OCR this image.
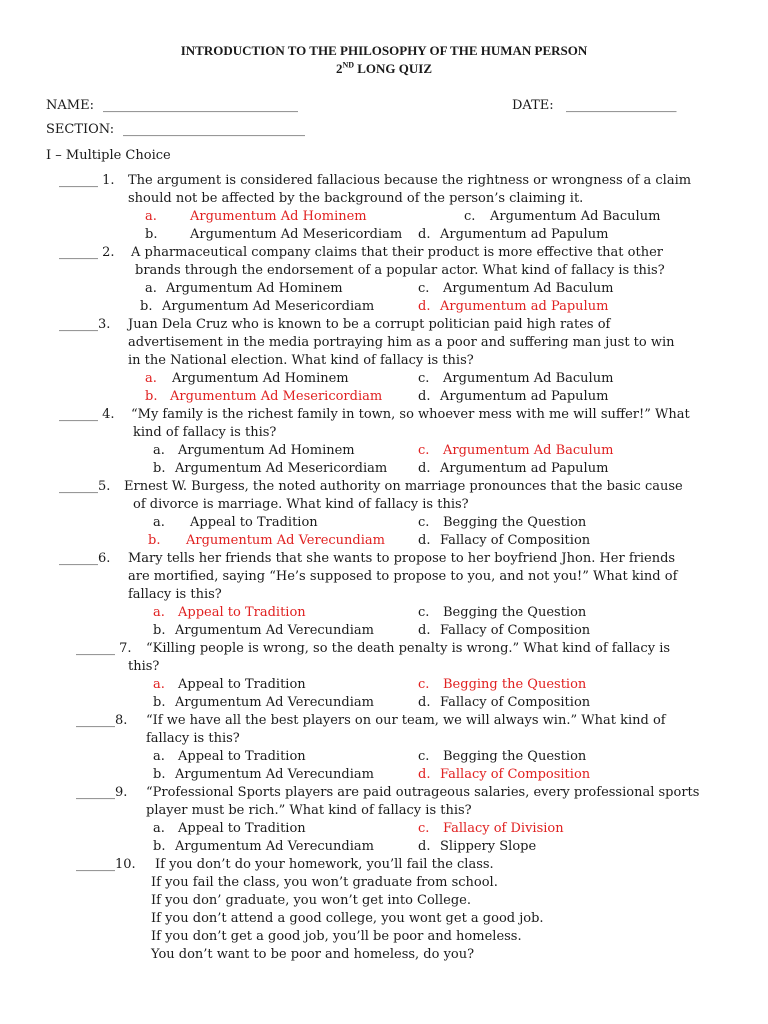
INTRODUCTION TO THE PHILOSOPHY OF THE HUMAN PERSON
2ND LONG QUIZ
NAME: ______________________________	DATE: _________________
SECTION: ____________________________
I – Multiple Choice
______ 1. The argument is considered fallacious because the rightness or wrongness of a claim
should not be affected by the background of the person’s claiming it.
a.	Argumentum Ad Hominem	c. Argumentum Ad Baculum
b.	Argumentum Ad Mesericordiam d. Argumentum ad Papulum
______ 2. A pharmaceutical company claims that their product is more effective that other
brands through the endorsement of a popular actor. What kind of fallacy is this?
a. Argumentum Ad Hominem	c. Argumentum Ad Baculum
b. Argumentum Ad Mesericordiam	d. Argumentum ad Papulum
______3. Juan Dela Cruz who is known to be a corrupt politician paid high rates of
advertisement in the media portraying him as a poor and suffering man just to win
in the National election. What kind of fallacy is this?
a. Argumentum Ad Hominem	c. Argumentum Ad Baculum
b. Argumentum Ad Mesericordiam	d. Argumentum ad Papulum
______ 4. “My family is the richest family in town, so whoever mess with me will suffer!” What
kind of fallacy is this?
a. Argumentum Ad Hominem	c. Argumentum Ad Baculum
b. Argumentum Ad Mesericordiam d. Argumentum ad Papulum
______5. Ernest W. Burgess, the noted authority on marriage pronounces that the basic cause
of divorce is marriage. What kind of fallacy is this?
a. Appeal to Tradition	c. Begging the Question
b. Argumentum Ad Verecundiam	d. Fallacy of Composition
______6. Mary tells her friends that she wants to propose to her boyfriend Jhon. Her friends
are mortified, saying “He’s supposed to propose to you, and not you!” What kind of
fallacy is this?
a. Appeal to Tradition	c. Begging the Question
b. Argumentum Ad Verecundiam	d. Fallacy of Composition
______ 7. “Killing people is wrong, so the death penalty is wrong.” What kind of fallacy is
this?
a. Appeal to Tradition	c. Begging the Question
b. Argumentum Ad Verecundiam	d. Fallacy of Composition
______8. “If we have all the best players on our team, we will always win.” What kind of
fallacy is this?
a. Appeal to Tradition	c. Begging the Question
b. Argumentum Ad Verecundiam	d. Fallacy of Composition
______9. “Professional Sports players are paid outrageous salaries, every professional sports
player must be rich.” What kind of fallacy is this?
a. Appeal to Tradition	c. Fallacy of Division
b. Argumentum Ad Verecundiam	d. Slippery Slope
______10. If you don’t do your homework, you’ll fail the class.
If you fail the class, you won’t graduate from school.
If you don’ graduate, you won’t get into College.
If you don’t attend a good college, you wont get a good job.
If you don’t get a good job, you’ll be poor and homeless.
You don’t want to be poor and homeless, do you?
